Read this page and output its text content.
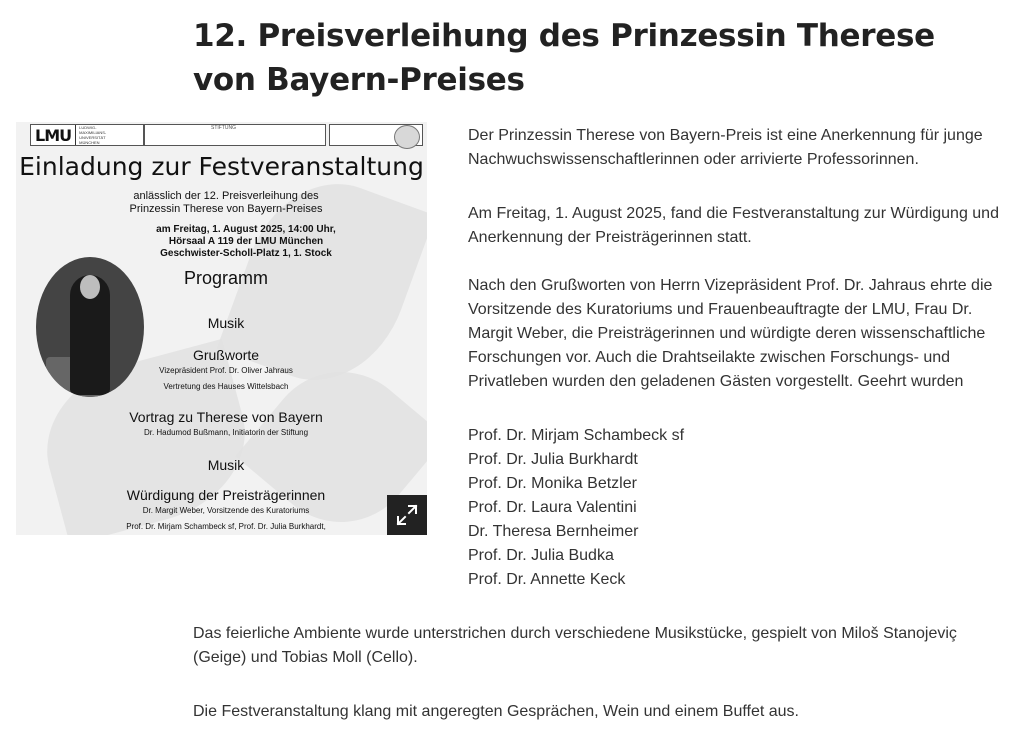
12. Preisverleihung des Prinzessin Therese von Bayern-Preises
LMU	LUDWIG-
MAXIMILIANS-
UNIVERSITÄT
MÜNCHEN
STIFTUNG
Einladung zur Festveranstaltung
anlässlich der 12. Preisverleihung des
Prinzessin Therese von Bayern-Preises
am Freitag, 1. August 2025, 14:00 Uhr,
Hörsaal A 119 der LMU München
Geschwister-Scholl-Platz 1, 1. Stock
Programm
Musik
Grußworte
Vizepräsident Prof. Dr. Oliver Jahraus
Vertretung des Hauses Wittelsbach
Vortrag zu Therese von Bayern
Dr. Hadumod Bußmann, Initiatorin der Stiftung
Musik
Würdigung der Preisträgerinnen
Dr. Margit Weber, Vorsitzende des Kuratoriums
Prof. Dr. Mirjam Schambeck sf, Prof. Dr. Julia Burkhardt,

Der Prinzessin Therese von Bayern-Preis ist eine Anerkennung für junge Nachwuchswissenschaftlerinnen oder arrivierte Professorinnen.

Am Freitag, 1. August 2025, fand die Festveranstaltung zur Würdigung und Anerkennung der Preisträgerinnen statt.

Nach den Grußworten von Herrn Vizepräsident Prof. Dr. Jahraus ehrte die Vorsitzende des Kuratoriums und Frauenbeauftragte der LMU, Frau Dr. Margit Weber, die Preisträgerinnen und würdigte deren wissenschaftliche Forschungen vor. Auch die Drahtseilakte zwischen Forschungs- und Privatleben wurden den geladenen Gästen vorgestellt. Geehrt wurden

Prof. Dr. Mirjam Schambeck sf
Prof. Dr. Julia Burkhardt
Prof. Dr. Monika Betzler
Prof. Dr. Laura Valentini
Dr. Theresa Bernheimer
Prof. Dr. Julia Budka
Prof. Dr. Annette Keck

Das feierliche Ambiente wurde unterstrichen durch verschiedene Musikstücke, gespielt von Miloš Stanojeviç (Geige) und Tobias Moll (Cello).

Die Festveranstaltung klang mit angeregten Gesprächen, Wein und einem Buffet aus.
